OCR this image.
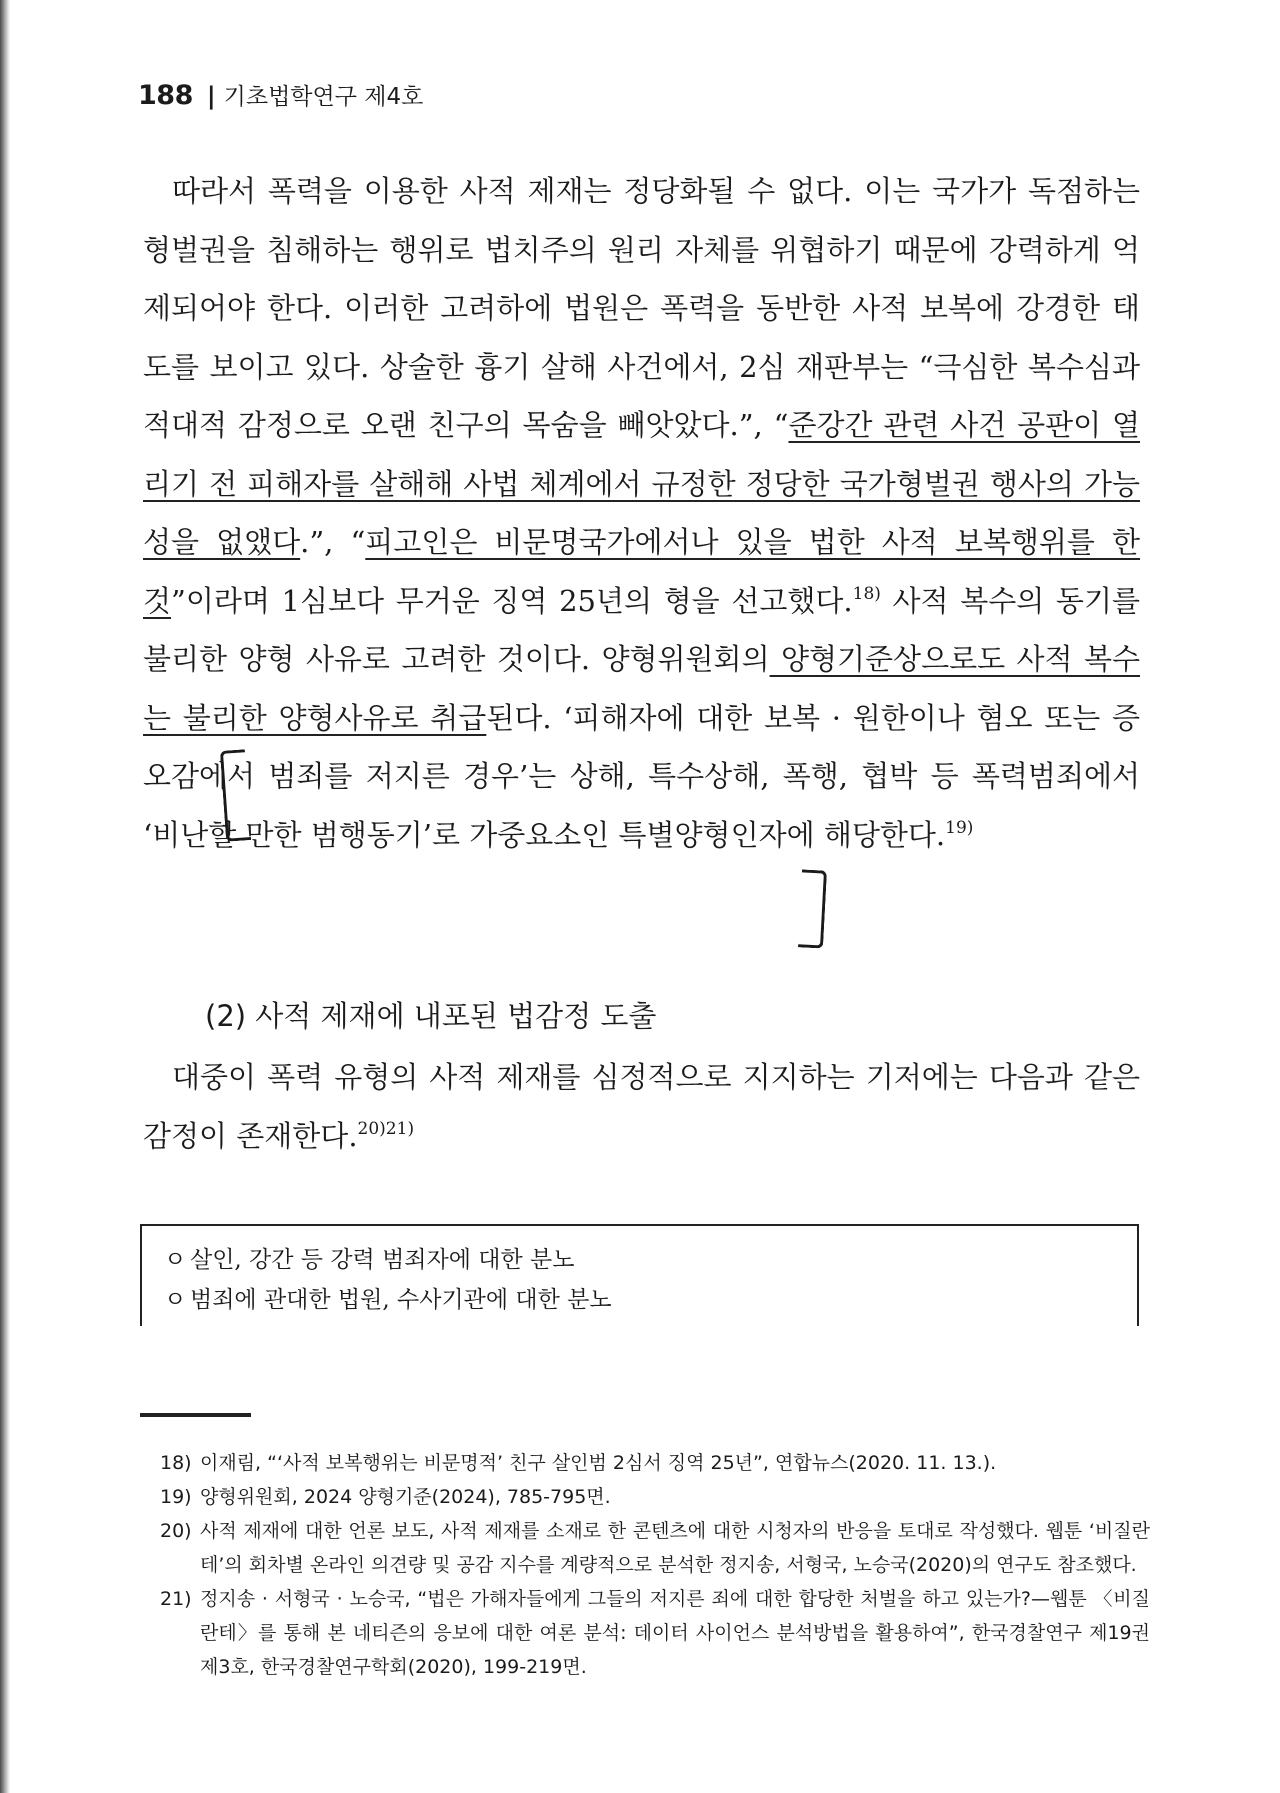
188 | 기초법학연구 제4호

따라서 폭력을 이용한 사적 제재는 정당화될 수 없다. 이는 국가가 독점하는 형벌권을 침해하는 행위로 법치주의 원리 자체를 위협하기 때문에 강력하게 억제되어야 한다. 이러한 고려하에 법원은 폭력을 동반한 사적 보복에 강경한 태도를 보이고 있다. 상술한 흉기 살해 사건에서, 2심 재판부는 “극심한 복수심과 적대적 감정으로 오랜 친구의 목숨을 빼앗았다.”, “준강간 관련 사건 공판이 열리기 전 피해자를 살해해 사법 체계에서 규정한 정당한 국가형벌권 행사의 가능성을 없앴다.”, “피고인은 비문명국가에서나 있을 법한 사적 보복행위를 한 것”이라며 1심보다 무거운 징역 25년의 형을 선고했다.$^{18)}$ 사적 복수의 동기를 불리한 양형 사유로 고려한 것이다. 양형위원회의 양형기준상으로도 사적 복수는 불리한 양형사유로 취급된다. ‘피해자에 대한 보복 · 원한이나 혐오 또는 증오감에서 범죄를 저지른 경우’는 상해, 특수상해, 폭행, 협박 등 폭력범죄에서 ‘비난할 만한 범행동기’로 가중요소인 특별양형인자에 해당한다.$^{19)}$

(2) 사적 제재에 내포된 법감정 도출

대중이 폭력 유형의 사적 제재를 심정적으로 지지하는 기저에는 다음과 같은 감정이 존재한다.$^{20)21)}$

ㅇ 살인, 강간 등 강력 범죄자에 대한 분노
ㅇ 범죄에 관대한 법원, 수사기관에 대한 분노
18) 이재림, “‘사적 보복행위는 비문명적’ 친구 살인범 2심서 징역 25년”, 연합뉴스(2020. 11. 13.).
19) 양형위원회, 2024 양형기준(2024), 785-795면.
20) 사적 제재에 대한 언론 보도, 사적 제재를 소재로 한 콘텐츠에 대한 시청자의 반응을 토대로 작성했다. 웹툰 ‘비질란테’의 회차별 온라인 의견량 및 공감 지수를 계량적으로 분석한 정지송, 서형국, 노승국(2020)의 연구도 참조했다.
21) 정지송 · 서형국 · 노승국, “법은 가해자들에게 그들의 저지른 죄에 대한 합당한 처벌을 하고 있는가?—웹툰 〈비질란테〉를 통해 본 네티즌의 응보에 대한 여론 분석: 데이터 사이언스 분석방법을 활용하여”, 한국경찰연구 제19권 제3호, 한국경찰연구학회(2020), 199-219면.
